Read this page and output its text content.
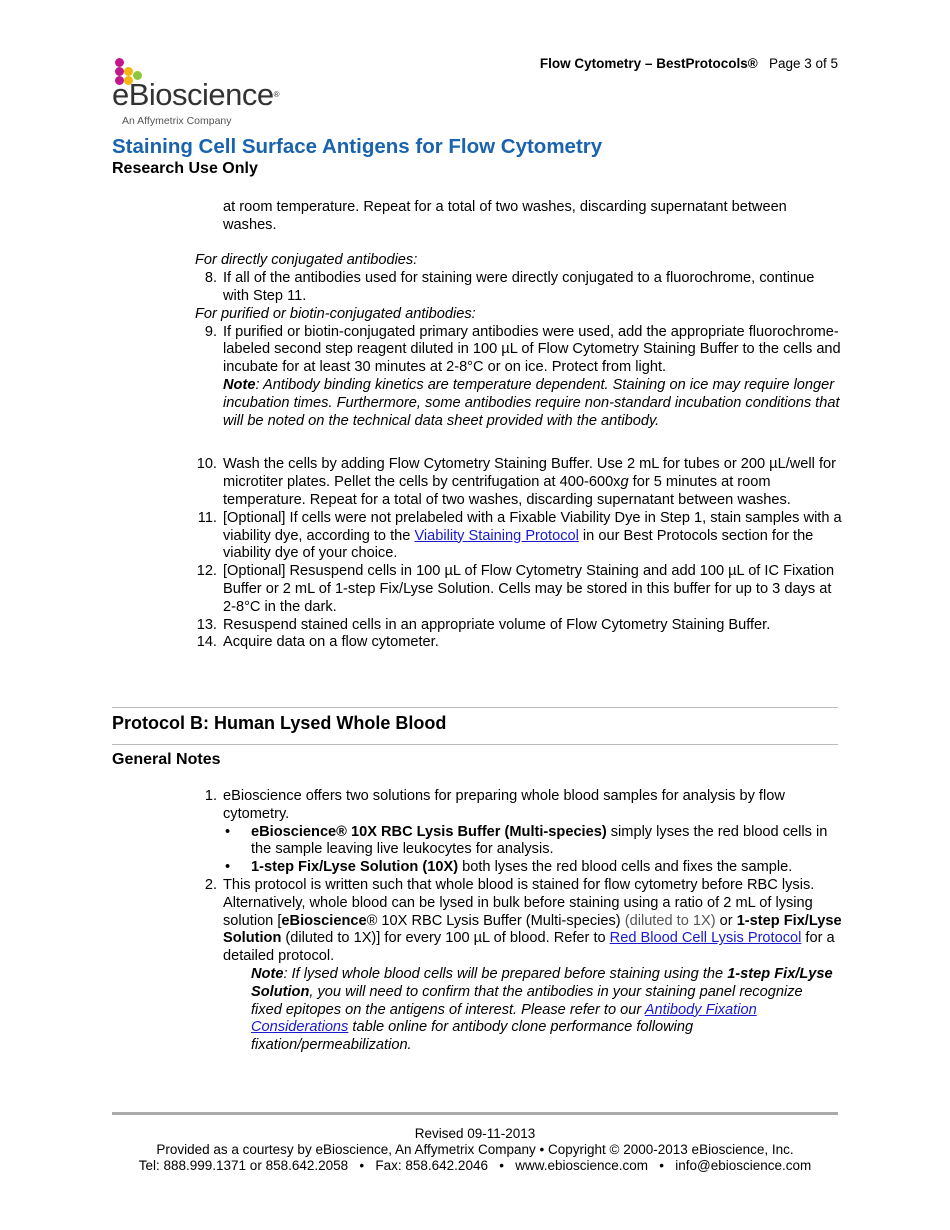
Flow Cytometry – BestProtocols® Page 3 of 5
eBioscience®
An Affymetrix Company
Staining Cell Surface Antigens for Flow Cytometry
Research Use Only
at room temperature. Repeat for a total of two washes, discarding supernatant between washes.
For directly conjugated antibodies:
8. If all of the antibodies used for staining were directly conjugated to a fluorochrome, continue with Step 11.
For purified or biotin-conjugated antibodies:
9. If purified or biotin-conjugated primary antibodies were used, add the appropriate fluorochrome-labeled second step reagent diluted in 100 µL of Flow Cytometry Staining Buffer to the cells and incubate for at least 30 minutes at 2-8°C or on ice. Protect from light.
Note: Antibody binding kinetics are temperature dependent. Staining on ice may require longer incubation times. Furthermore, some antibodies require non-standard incubation conditions that will be noted on the technical data sheet provided with the antibody.
10. Wash the cells by adding Flow Cytometry Staining Buffer. Use 2 mL for tubes or 200 µL/well for microtiter plates. Pellet the cells by centrifugation at 400-600xg for 5 minutes at room temperature. Repeat for a total of two washes, discarding supernatant between washes.
11. [Optional] If cells were not prelabeled with a Fixable Viability Dye in Step 1, stain samples with a viability dye, according to the Viability Staining Protocol in our Best Protocols section for the viability dye of your choice.
12. [Optional] Resuspend cells in 100 µL of Flow Cytometry Staining and add 100 µL of IC Fixation Buffer or 2 mL of 1-step Fix/Lyse Solution. Cells may be stored in this buffer for up to 3 days at 2-8°C in the dark.
13. Resuspend stained cells in an appropriate volume of Flow Cytometry Staining Buffer.
14. Acquire data on a flow cytometer.
Protocol B: Human Lysed Whole Blood
General Notes
1. eBioscience offers two solutions for preparing whole blood samples for analysis by flow cytometry.
• eBioscience® 10X RBC Lysis Buffer (Multi-species) simply lyses the red blood cells in the sample leaving live leukocytes for analysis.
• 1-step Fix/Lyse Solution (10X) both lyses the red blood cells and fixes the sample.
2. This protocol is written such that whole blood is stained for flow cytometry before RBC lysis. Alternatively, whole blood can be lysed in bulk before staining using a ratio of 2 mL of lysing solution [eBioscience® 10X RBC Lysis Buffer (Multi-species) (diluted to 1X) or 1-step Fix/Lyse Solution (diluted to 1X)] for every 100 µL of blood. Refer to Red Blood Cell Lysis Protocol for a detailed protocol.
Note: If lysed whole blood cells will be prepared before staining using the 1-step Fix/Lyse Solution, you will need to confirm that the antibodies in your staining panel recognize fixed epitopes on the antigens of interest. Please refer to our Antibody Fixation Considerations table online for antibody clone performance following fixation/permeabilization.
Revised 09-11-2013
Provided as a courtesy by eBioscience, An Affymetrix Company • Copyright © 2000-2013 eBioscience, Inc.
Tel: 888.999.1371 or 858.642.2058   •   Fax: 858.642.2046   •   www.ebioscience.com   •   info@ebioscience.com
